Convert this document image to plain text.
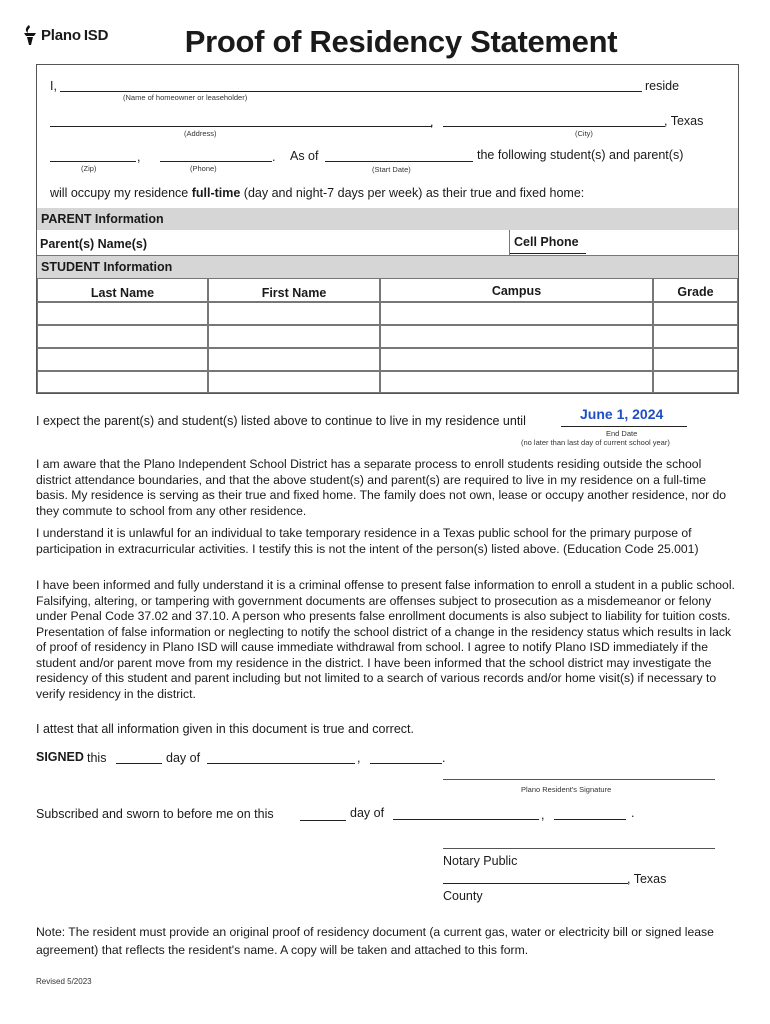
Plano ISD	Proof of Residency Statement
I,	reside
(Name of homeowner or leaseholder)
,	, Texas
(Address)	(City)
,	. As of	the following student(s) and parent(s)
(Zip)	(Phone)	(Start Date)
will occupy my residence full-time (day and night-7 days per week) as their true and fixed home:
PARENT Information
Parent(s) Name(s)	Cell Phone
STUDENT Information
Last Name	First Name	Campus	Grade
I expect the parent(s) and student(s) listed above to continue to live in my residence until	June 1, 2024
End Date
(no later than last day of current school year)
I am aware that the Plano Independent School District has a separate process to enroll students residing outside the school district attendance boundaries, and that the above student(s) and parent(s) are required to live in my residence on a full-time basis. My residence is serving as their true and fixed home. The family does not own, lease or occupy another residence, nor do they commute to school from any other residence.
I understand it is unlawful for an individual to take temporary residence in a Texas public school for the primary purpose of participation in extracurricular activities. I testify this is not the intent of the person(s) listed above. (Education Code 25.001)
I have been informed and fully understand it is a criminal offense to present false information to enroll a student in a public school. Falsifying, altering, or tampering with government documents are offenses subject to prosecution as a misdemeanor or felony under Penal Code 37.02 and 37.10. A person who presents false enrollment documents is also subject to liability for tuition costs. Presentation of false information or neglecting to notify the school district of a change in the residency status which results in lack of proof of residency in Plano ISD will cause immediate withdrawal from school. I agree to notify Plano ISD immediately if the student and/or parent move from my residence in the district. I have been informed that the school district may investigate the residency of this student and parent including but not limited to a search of various records and/or home visit(s) if necessary to verify residency in the district.
I attest that all information given in this document is true and correct.
SIGNED this	day of	,	.
Plano Resident's Signature
Subscribed and sworn to before me on this	day of	,	.
Notary Public
, Texas
County
Note: The resident must provide an original proof of residency document (a current gas, water or electricity bill or signed lease agreement) that reflects the resident's name. A copy will be taken and attached to this form.
Revised 5/2023
